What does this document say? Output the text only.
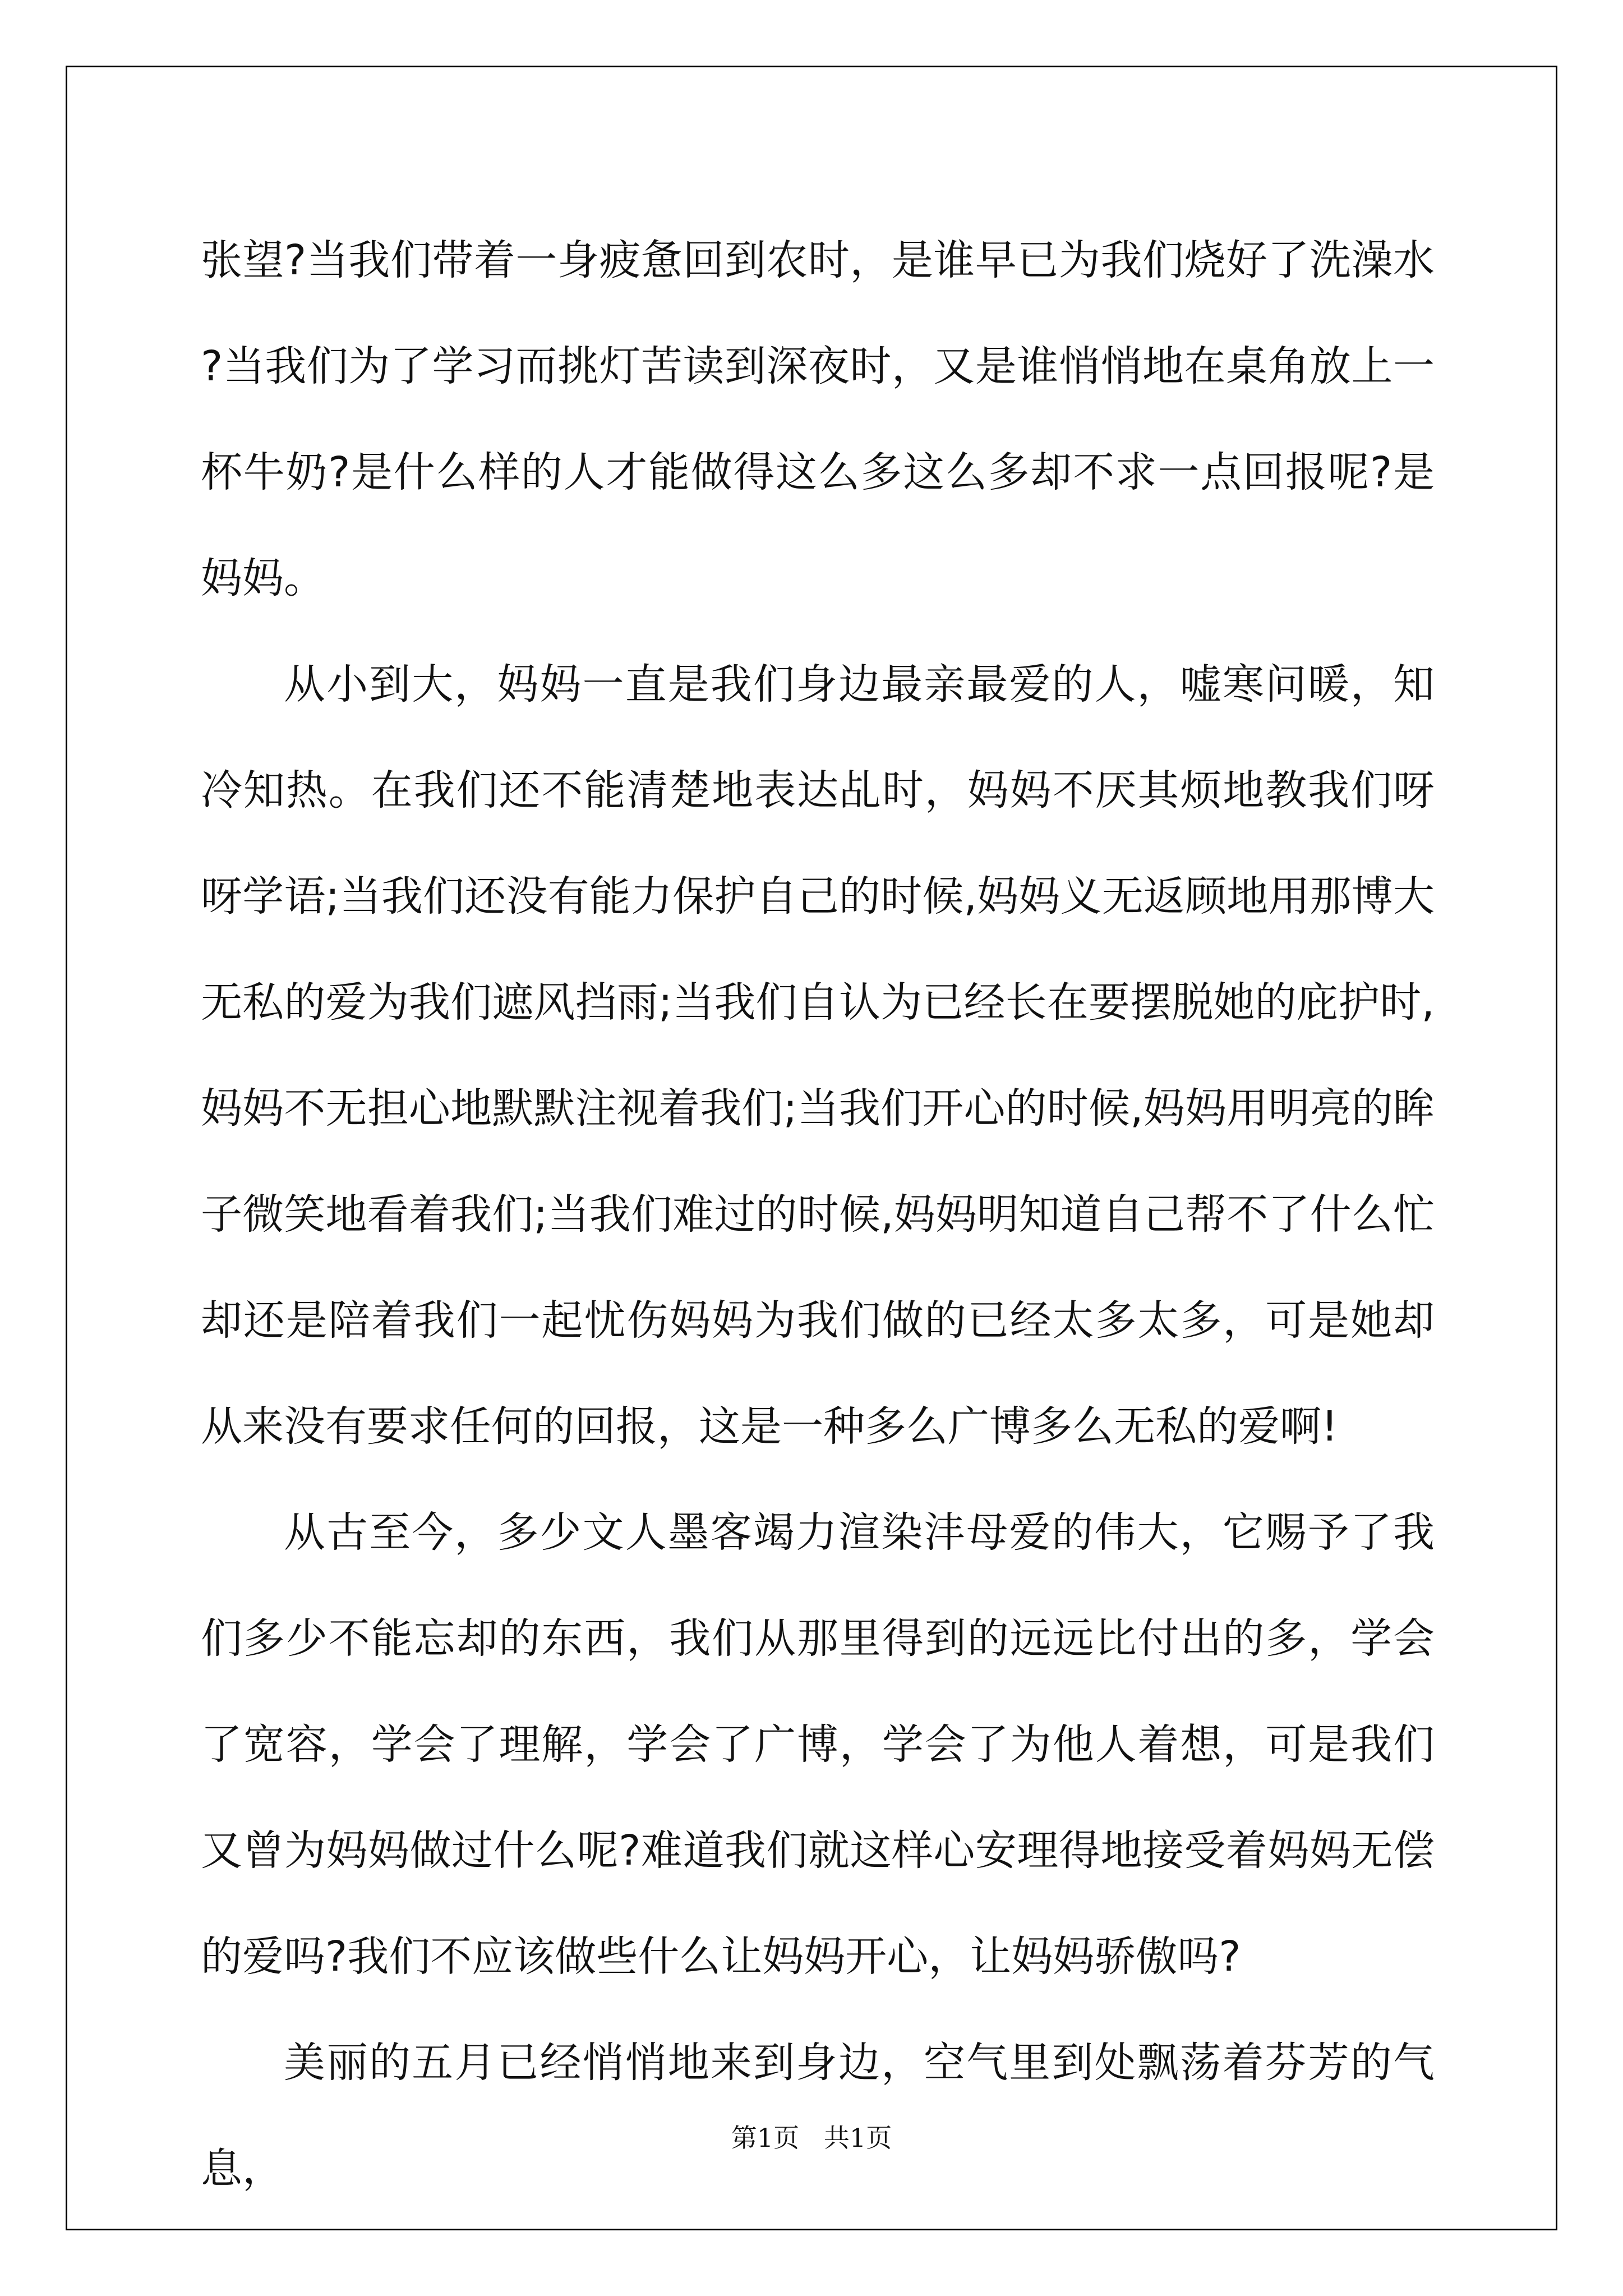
张望?当我们带着一身疲惫回到农时，是谁早已为我们烧好了洗澡水?当我们为了学习而挑灯苦读到深夜时，又是谁悄悄地在桌角放上一杯牛奶?是什么样的人才能做得这么多这么多却不求一点回报呢?是妈妈。

从小到大，妈妈一直是我们身边最亲最爱的人，嘘寒问暖，知冷知热。在我们还不能清楚地表达乩时，妈妈不厌其烦地教我们呀呀学语;当我们还没有能力保护自己的时候,妈妈义无返顾地用那博大无私的爱为我们遮风挡雨;当我们自认为已经长在要摆脱她的庇护时,妈妈不无担心地默默注视着我们;当我们开心的时候,妈妈用明亮的眸子微笑地看着我们;当我们难过的时候,妈妈明知道自己帮不了什么忙却还是陪着我们一起忧伤妈妈为我们做的已经太多太多，可是她却从来没有要求任何的回报，这是一种多么广博多么无私的爱啊!

从古至今，多少文人墨客竭力渲染沣母爱的伟大，它赐予了我们多少不能忘却的东西，我们从那里得到的远远比付出的多，学会了宽容，学会了理解，学会了广博，学会了为他人着想，可是我们又曾为妈妈做过什么呢?难道我们就这样心安理得地接受着妈妈无偿的爱吗?我们不应该做些什么让妈妈开心，让妈妈骄傲吗?

美丽的五月已经悄悄地来到身边，空气里到处飘荡着芬芳的气息，

第1页   共1页
